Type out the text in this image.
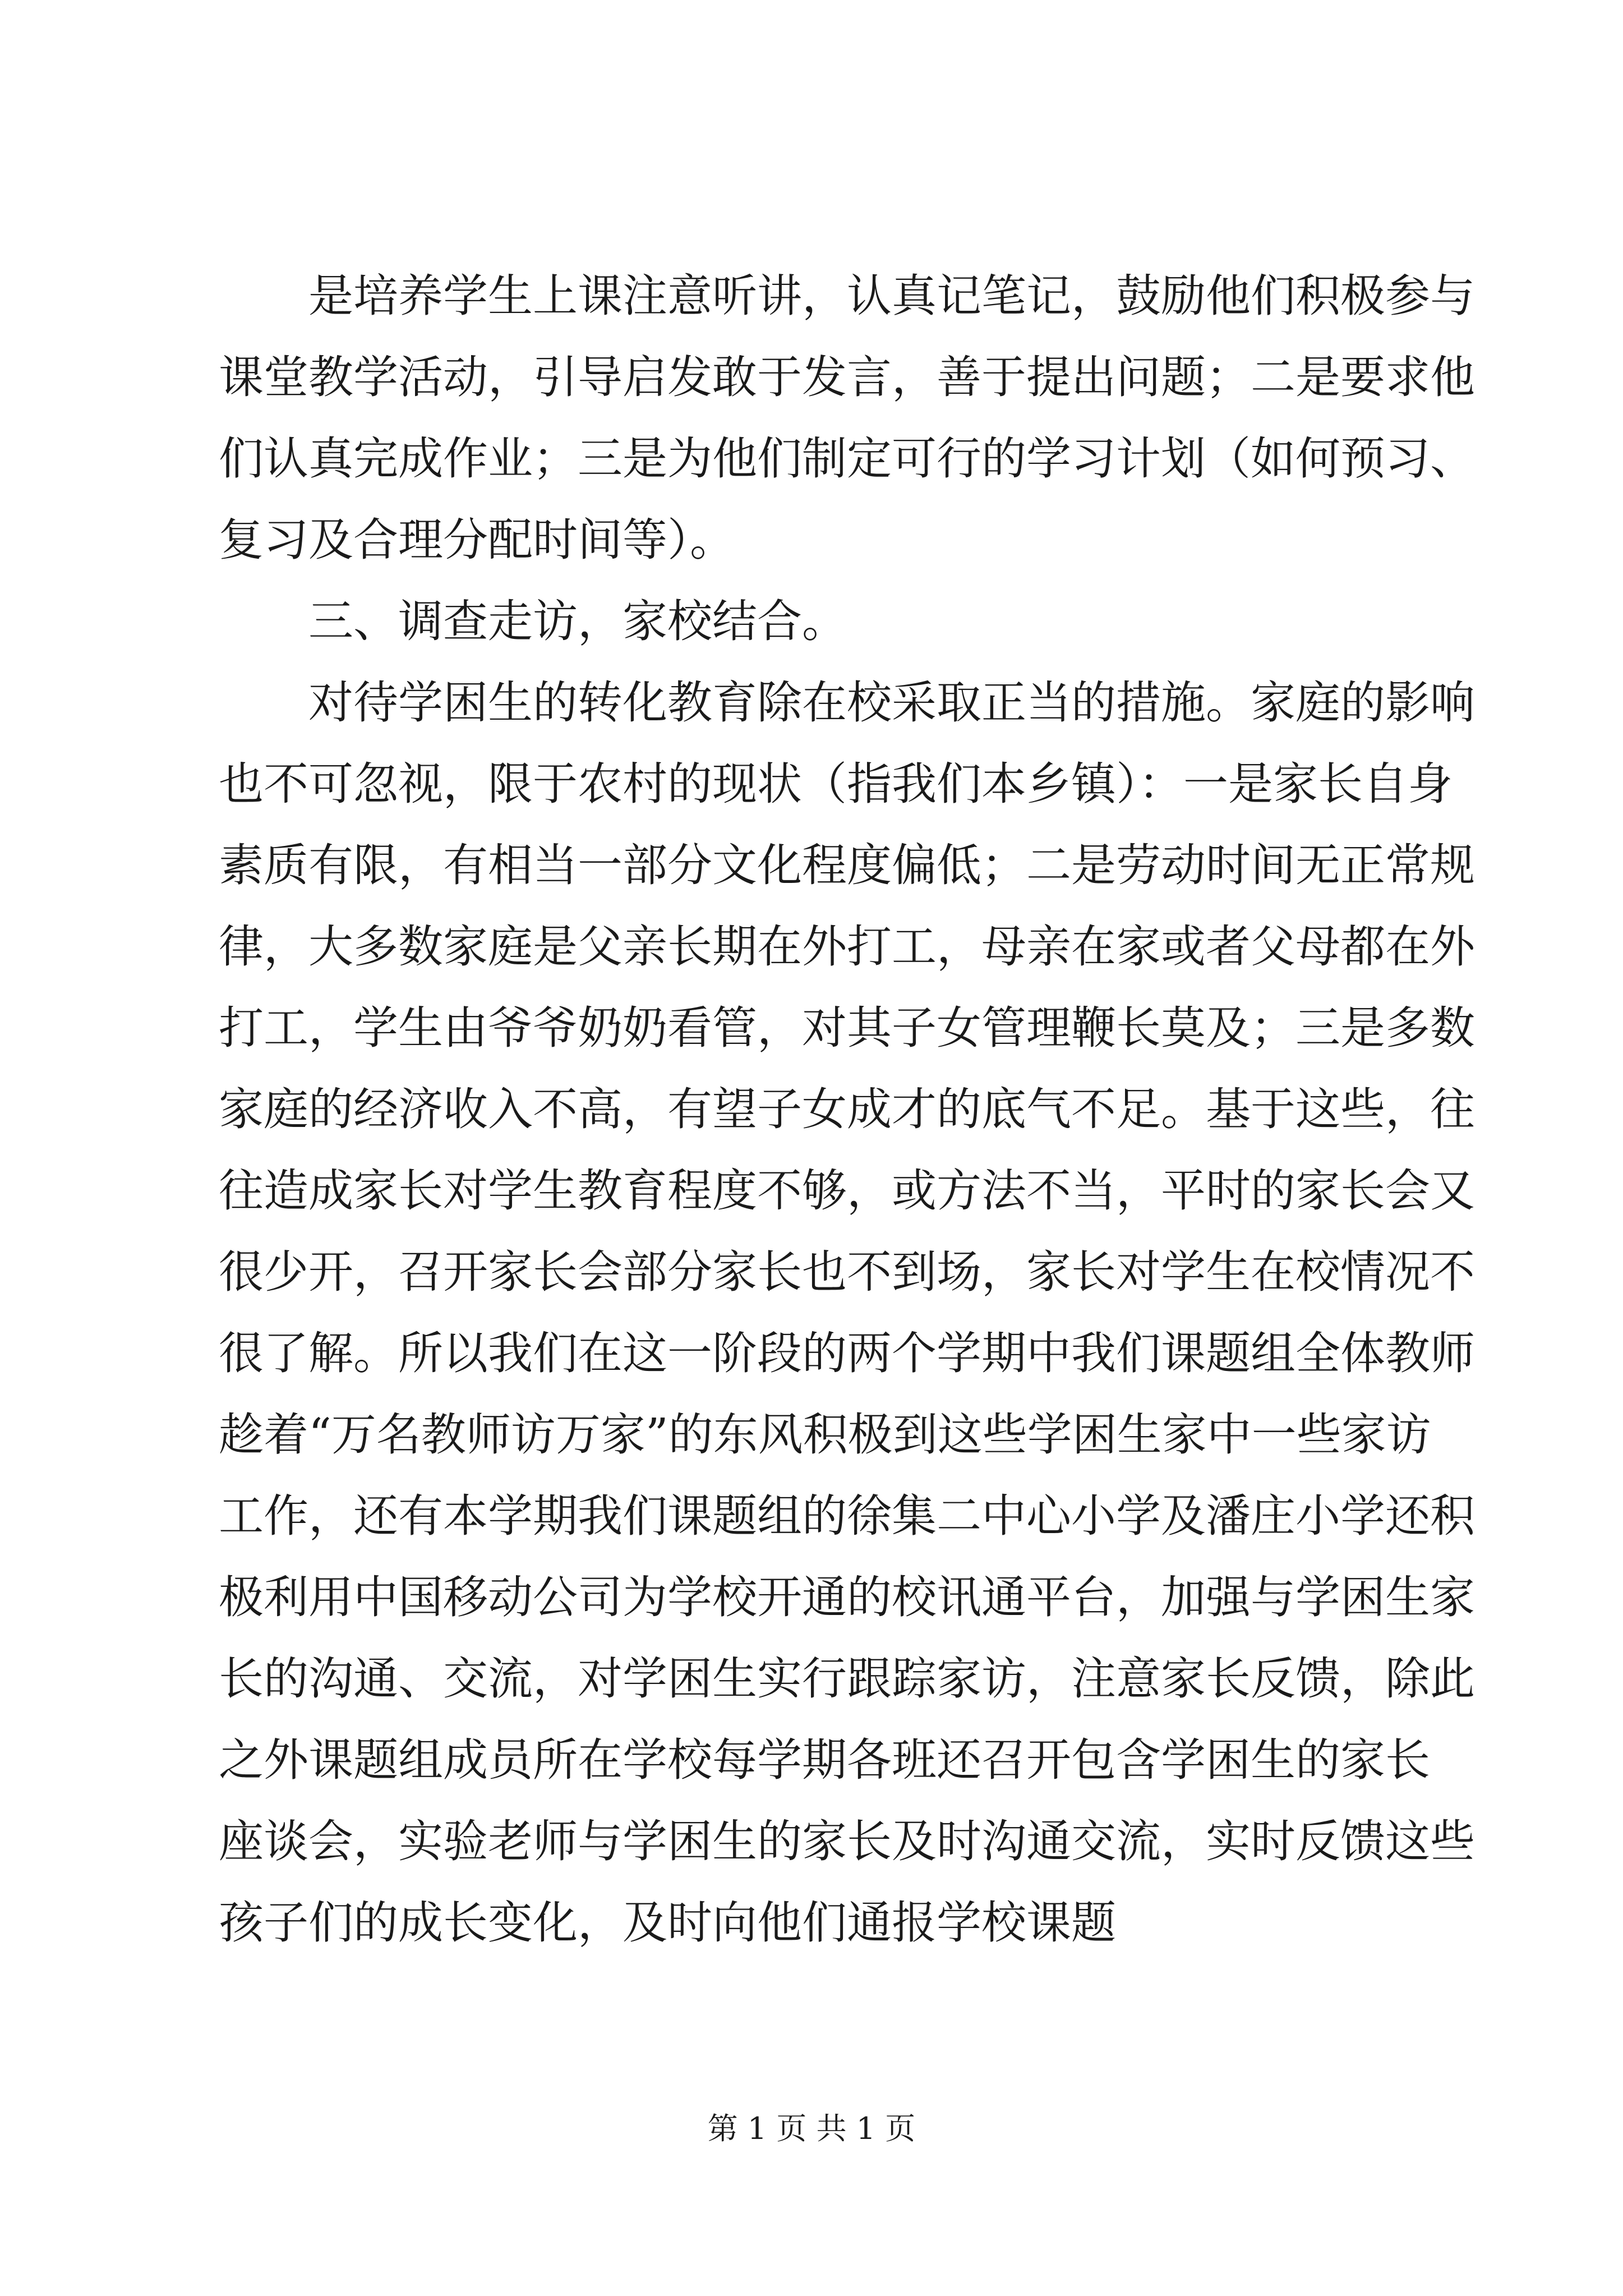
是培养学生上课注意听讲，认真记笔记，鼓励他们积极参与
课堂教学活动，引导启发敢于发言，善于提出问题；二是要求他
们认真完成作业；三是为他们制定可行的学习计划（如何预习、
复习及合理分配时间等）。
三、调查走访，家校结合。
对待学困生的转化教育除在校采取正当的措施。家庭的影响
也不可忽视，限于农村的现状（指我们本乡镇）：一是家长自身
素质有限，有相当一部分文化程度偏低；二是劳动时间无正常规
律，大多数家庭是父亲长期在外打工，母亲在家或者父母都在外
打工，学生由爷爷奶奶看管，对其子女管理鞭长莫及；三是多数
家庭的经济收入不高，有望子女成才的底气不足。基于这些，往
往造成家长对学生教育程度不够，或方法不当，平时的家长会又
很少开，召开家长会部分家长也不到场，家长对学生在校情况不
很了解。所以我们在这一阶段的两个学期中我们课题组全体教师
趁着“万名教师访万家”的东风积极到这些学困生家中一些家访
工作，还有本学期我们课题组的徐集二中心小学及潘庄小学还积
极利用中国移动公司为学校开通的校讯通平台，加强与学困生家
长的沟通、交流，对学困生实行跟踪家访，注意家长反馈，除此
之外课题组成员所在学校每学期各班还召开包含学困生的家长
座谈会，实验老师与学困生的家长及时沟通交流，实时反馈这些
孩子们的成长变化，及时向他们通报学校课题
第 1 页 共 1 页
